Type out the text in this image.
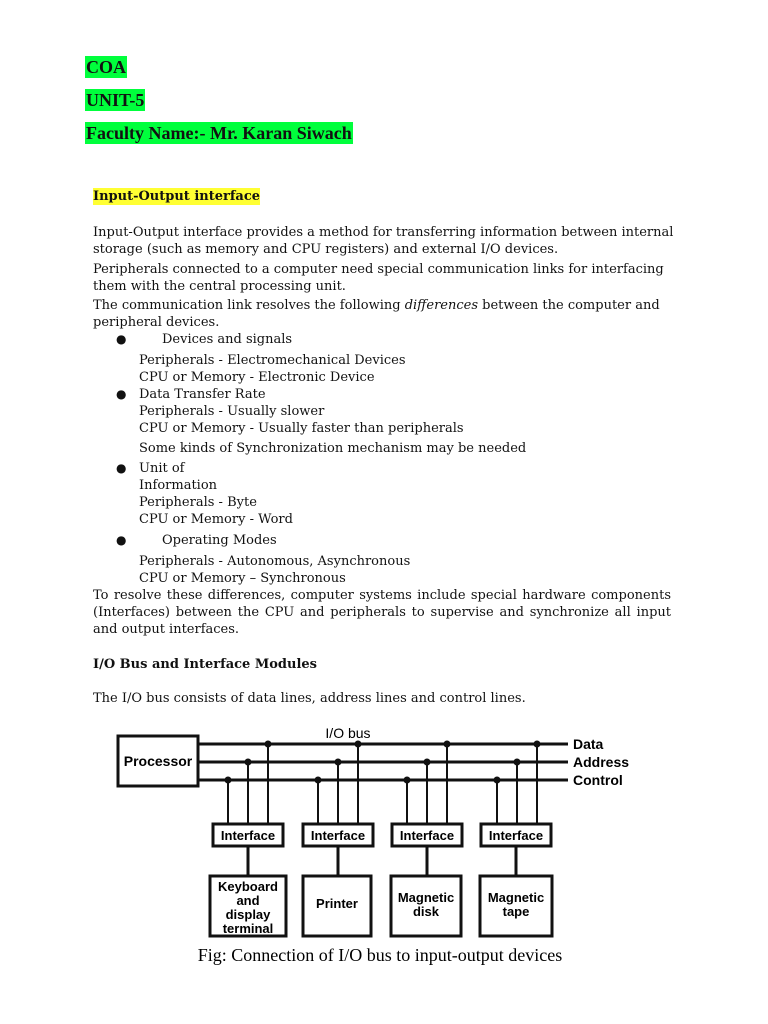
COA
UNIT-5
Faculty Name:- Mr. Karan Siwach
Input-Output interface
Input-Output interface provides a method for transferring information between internal
storage (such as memory and CPU registers) and external I/O devices.
Peripherals connected to a computer need special communication links for interfacing
them with the central processing unit.
The communication link resolves the following differences between the computer and
peripheral devices.
●	Devices and signals
Peripherals - Electromechanical Devices
CPU or Memory - Electronic Device
● Data Transfer Rate
Peripherals - Usually slower
CPU or Memory - Usually faster than peripherals
Some kinds of Synchronization mechanism may be needed
● Unit of
Information
Peripherals - Byte
CPU or Memory - Word
●	Operating Modes
Peripherals - Autonomous, Asynchronous
CPU or Memory – Synchronous
To resolve these differences, computer systems include special hardware components
(Interfaces) between the CPU and peripherals to supervise and synchronize all input
and output interfaces.
I/O Bus and Interface Modules
The I/O bus consists of data lines, address lines and control lines.
I/O bus
Processor
Data
Address
Control
Interface	Interface	Interface	Interface
Keyboard
and
display
terminal
Printer	Magnetic
disk
Magnetic
tape
Fig: Connection of I/O bus to input-output devices
